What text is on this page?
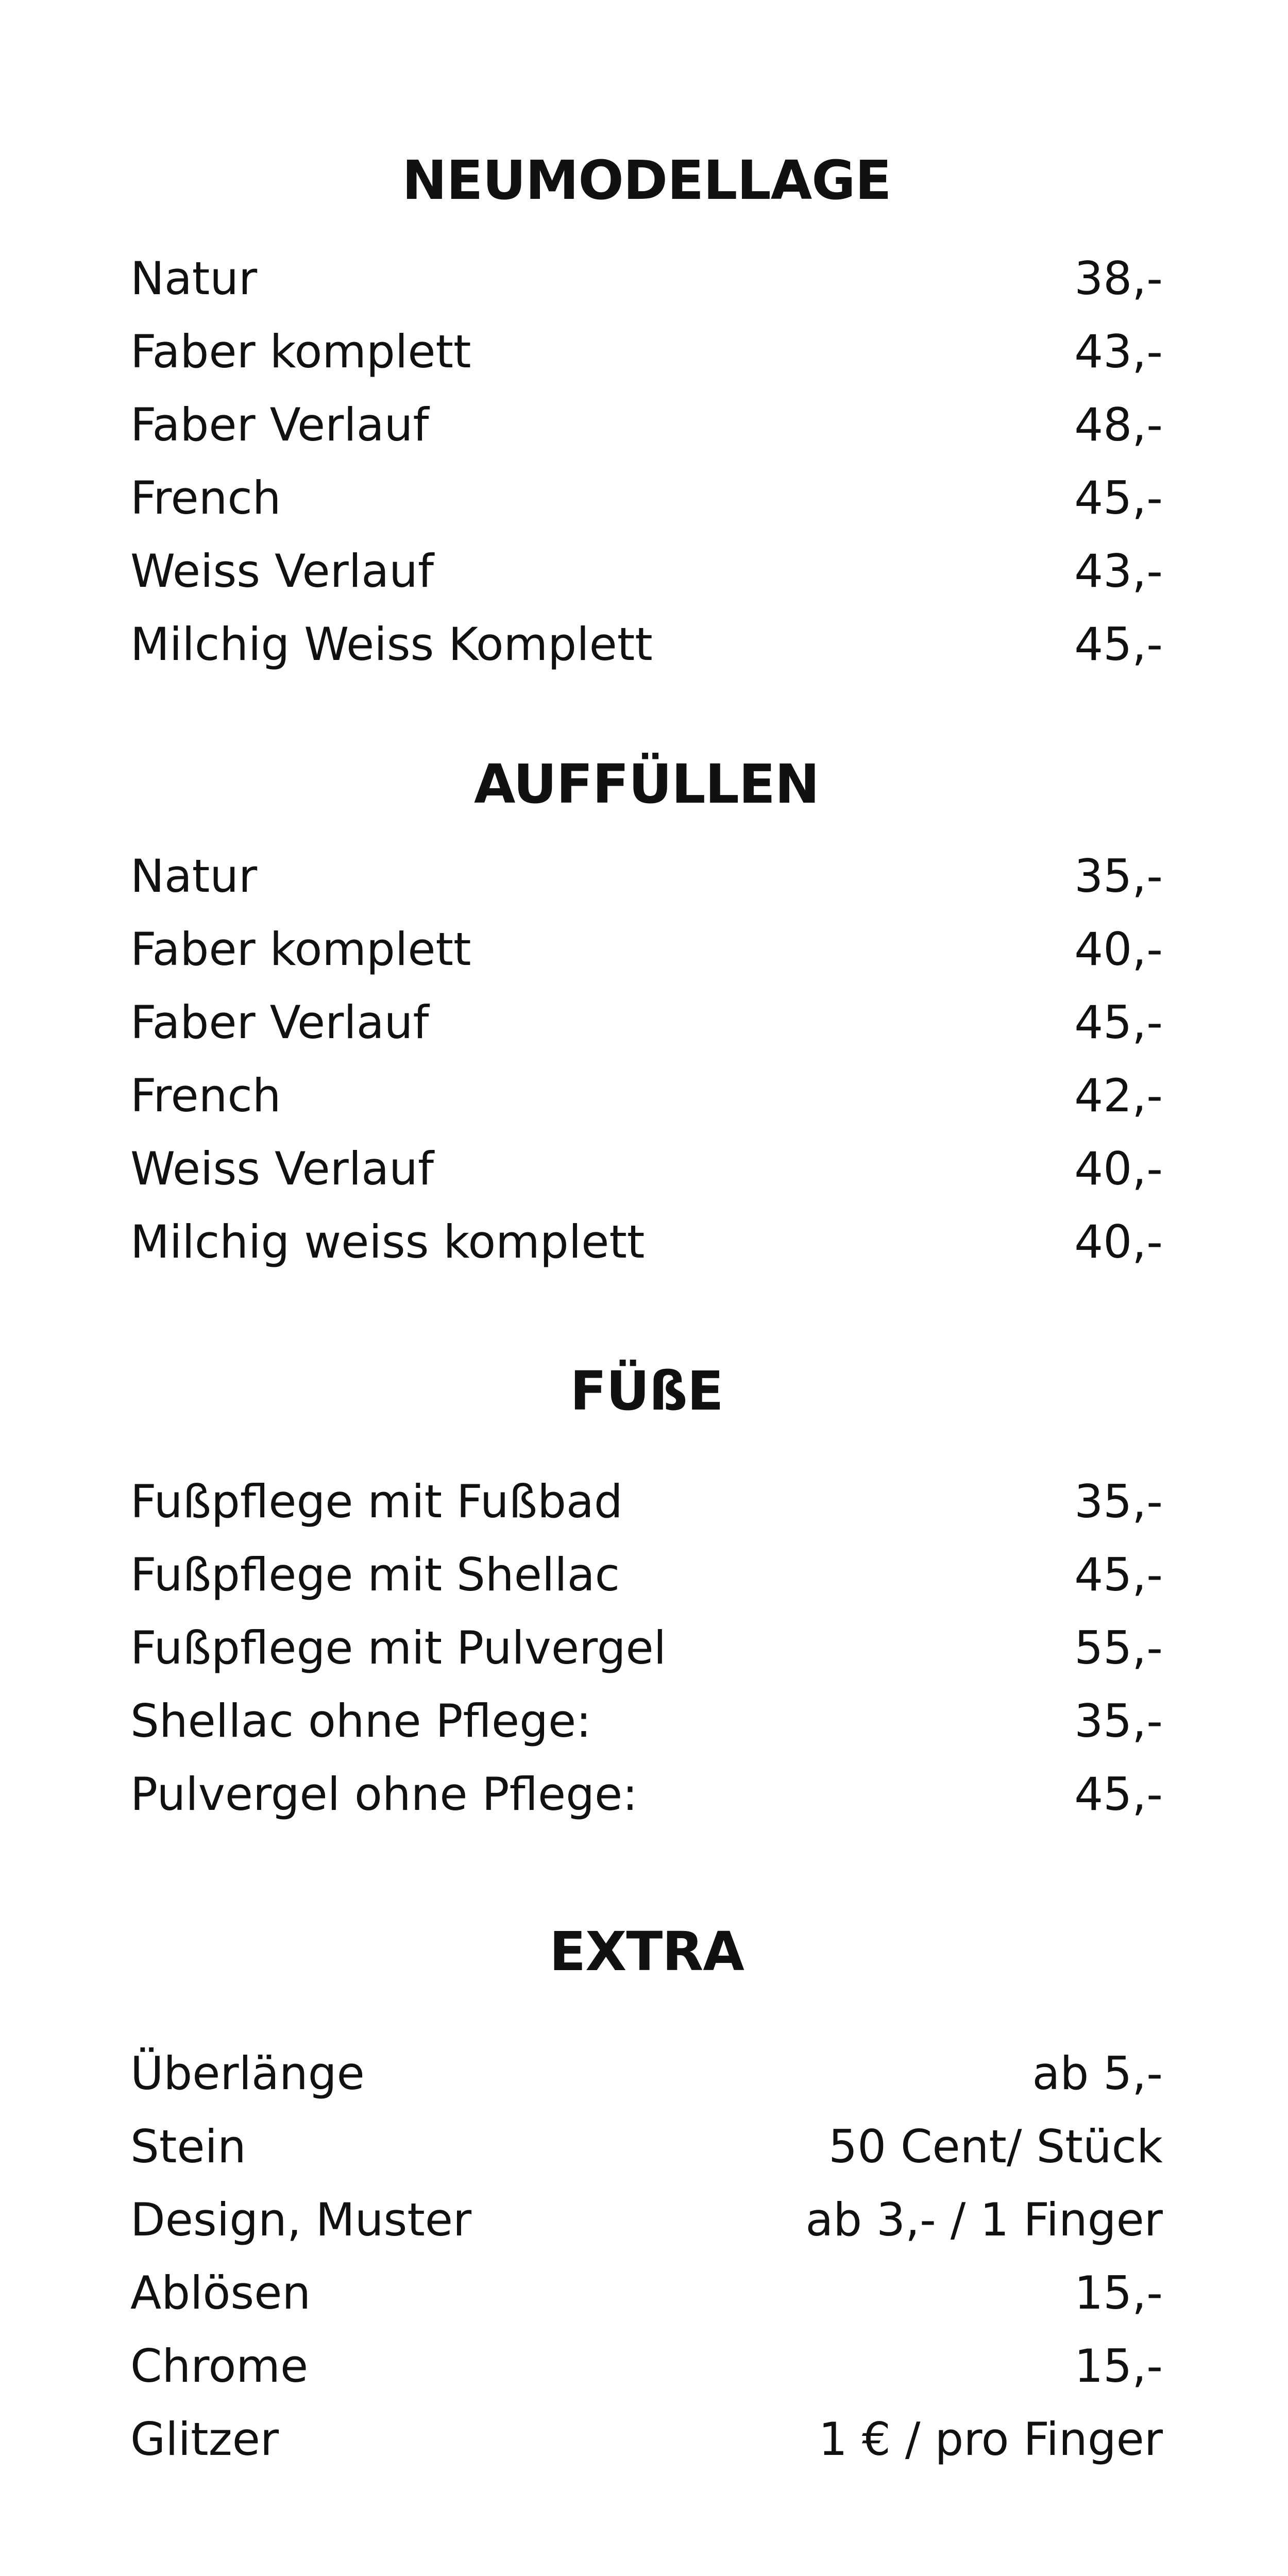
NEUMODELLAGE
Natur	38,-
Faber komplett	43,-
Faber Verlauf	48,-
French	45,-
Weiss Verlauf	43,-
Milchig Weiss Komplett	45,-
AUFFÜLLEN
Natur	35,-
Faber komplett	40,-
Faber Verlauf	45,-
French	42,-
Weiss Verlauf	40,-
Milchig weiss komplett	40,-
FÜßE
Fußpflege mit Fußbad	35,-
Fußpflege mit Shellac	45,-
Fußpflege mit Pulvergel	55,-
Shellac ohne Pflege:	35,-
Pulvergel ohne Pflege:	45,-
EXTRA
Überlänge	ab 5,-
Stein	50 Cent/ Stück
Design, Muster	ab 3,- / 1 Finger
Ablösen	15,-
Chrome	15,-
Glitzer	1 € / pro Finger
